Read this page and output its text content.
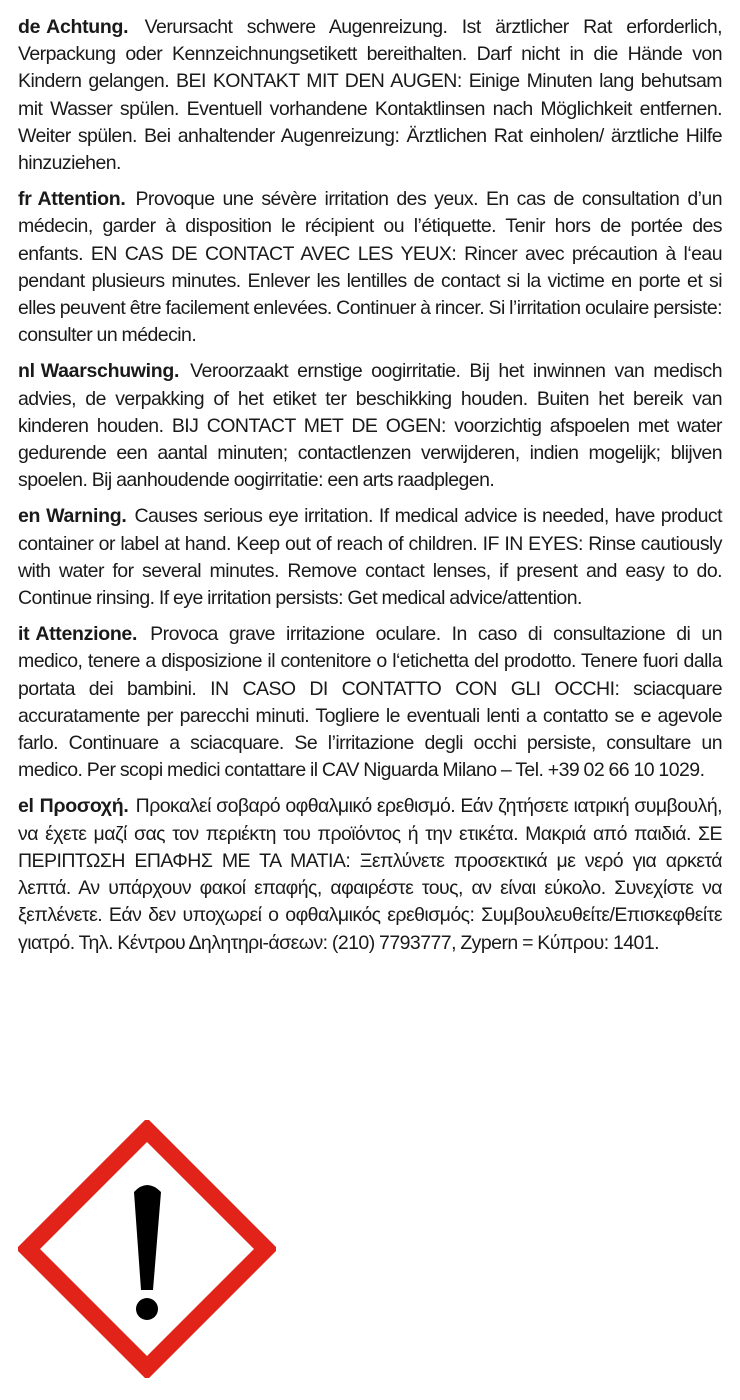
de Achtung. Verursacht schwere Augenreizung. Ist ärztlicher Rat erforderlich, Verpackung oder Kennzeichnungsetikett bereithalten. Darf nicht in die Hände von Kindern gelangen. BEI KONTAKT MIT DEN AUGEN: Einige Minuten lang behutsam mit Wasser spülen. Eventuell vorhandene Kontaktlinsen nach Möglichkeit entfernen. Weiter spülen. Bei anhaltender Augenreizung: Ärztlichen Rat einholen/ ärztliche Hilfe hinzuziehen.

fr Attention. Provoque une sévère irritation des yeux. En cas de consultation d’un médecin, garder à disposition le récipient ou l’étiquette. Tenir hors de portée des enfants. EN CAS DE CONTACT AVEC LES YEUX: Rincer avec précaution à l‘eau pendant plusieurs minutes. Enlever les lentilles de contact si la victime en porte et si elles peuvent être facilement enlevées. Continuer à rincer. Si l’irritation oculaire persiste: consulter un médecin.

nl Waarschuwing. Veroorzaakt ernstige oogirritatie. Bij het inwinnen van medisch advies, de verpakking of het etiket ter beschikking houden. Buiten het bereik van kinderen houden. BIJ CONTACT MET DE OGEN: voorzichtig afspoelen met water gedurende een aantal minuten; contactlenzen verwijderen, indien mogelijk; blijven spoelen. Bij aanhoudende oogirritatie: een arts raadplegen.

en Warning. Causes serious eye irritation. If medical advice is needed, have product container or label at hand. Keep out of reach of children. IF IN EYES: Rinse cautiously with water for several minutes. Remove contact lenses, if present and easy to do. Continue rinsing. If eye irritation persists: Get medical advice/attention.

it Attenzione. Provoca grave irritazione oculare. In caso di consultazione di un medico, tenere a disposizione il contenitore o l‘etichetta del prodotto. Tenere fuori dalla portata dei bambini. IN CASO DI CONTATTO CON GLI OCCHI: sciacquare accuratamente per parecchi minuti. Togliere le eventuali lenti a contatto se e agevole farlo. Continuare a sciacquare. Se l’irritazione degli occhi persiste, consultare un medico. Per scopi medici contattare il CAV Niguarda Milano – Tel. +39 02 66 10 1029.

el Προσοχή. Προκαλεί σοβαρό οφθαλμικό ερεθισμό. Εάν ζητήσετε ιατρική συμβουλή, να έχετε μαζί σας τον περιέκτη του προϊόντος ή την ετικέτα. Μακριά από παιδιά. ΣΕ ΠΕΡΙΠΤΩΣΗ ΕΠΑΦΗΣ ΜΕ ΤΑ ΜΑΤΙΑ: Ξεπλύνετε προσεκτικά με νερό για αρκετά λεπτά. Αν υπάρχουν φακοί επαφής, αφαιρέστε τους, αν είναι εύκολο. Συνεχίστε να ξεπλένετε. Εάν δεν υποχωρεί ο οφθαλμικός ερεθισμός: Συμβουλευθείτε/Επισκεφθείτε γιατρό. Τηλ. Κέντρου Δηλητηρι-άσεων: (210) 7793777, Zypern = Κύπρου: 1401.
